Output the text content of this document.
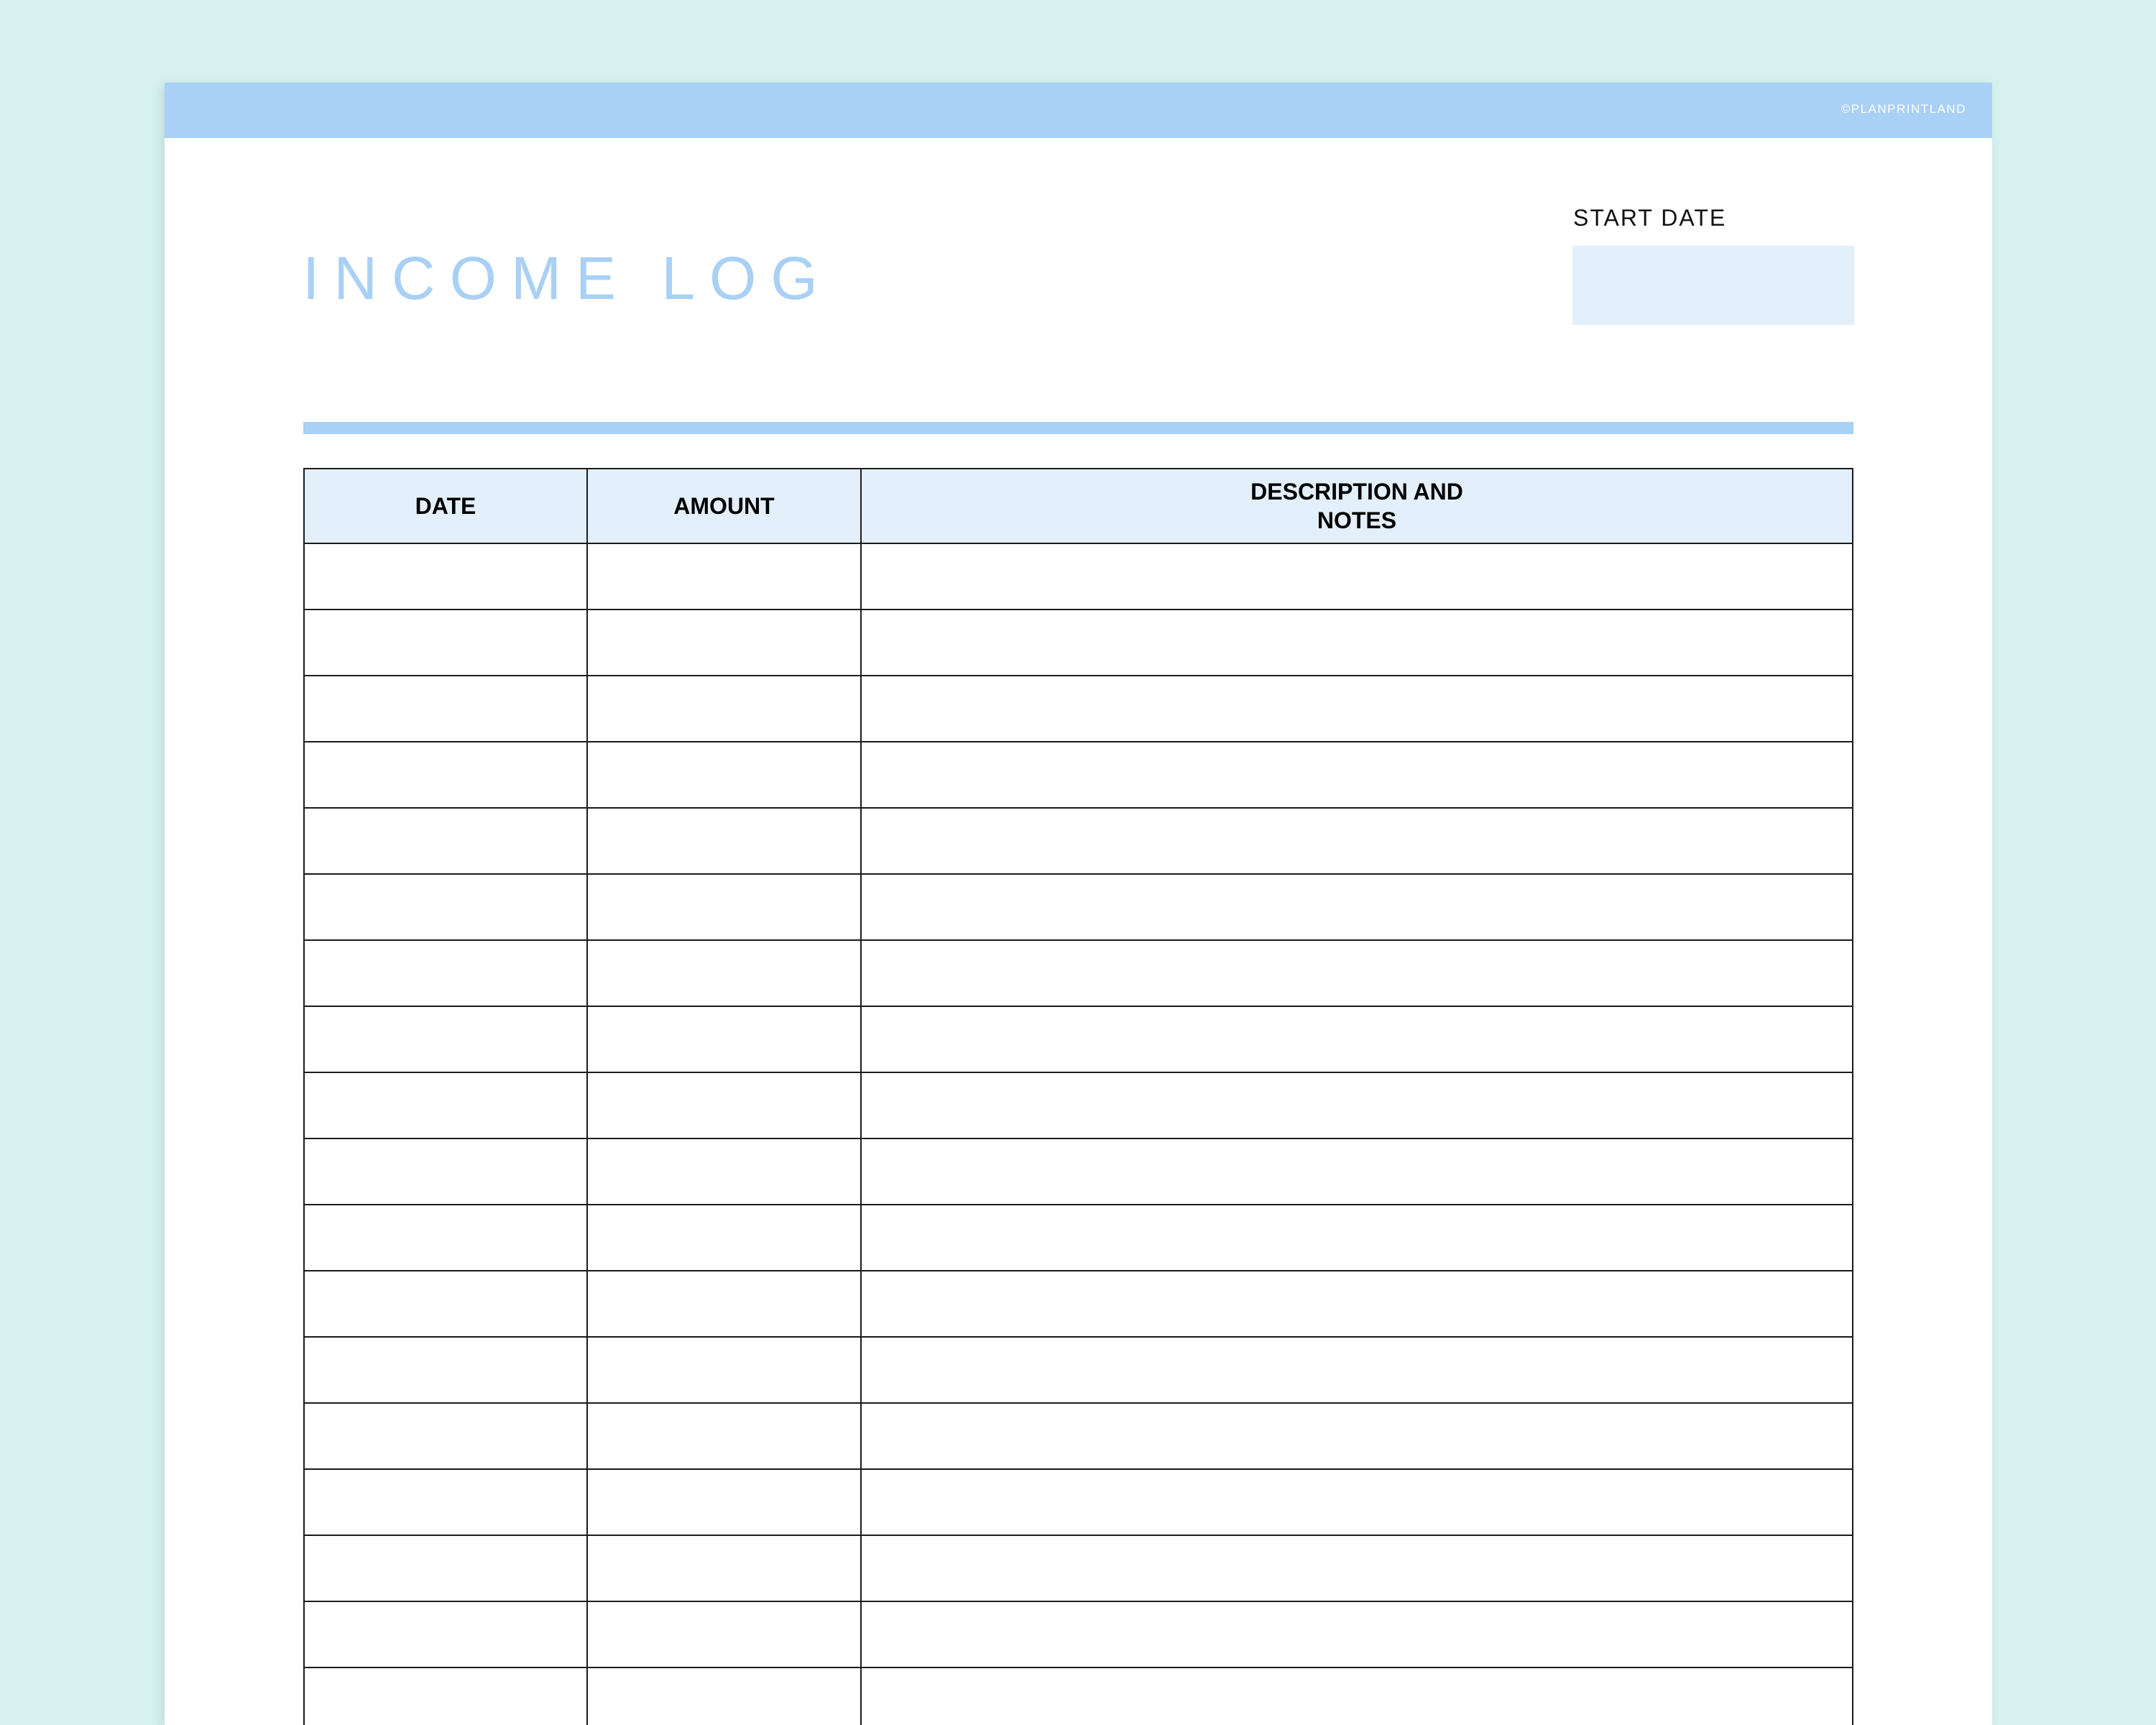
©PLANPRINTLAND
INCOME LOG
START DATE
DATE	AMOUNT	DESCRIPTION AND NOTES
